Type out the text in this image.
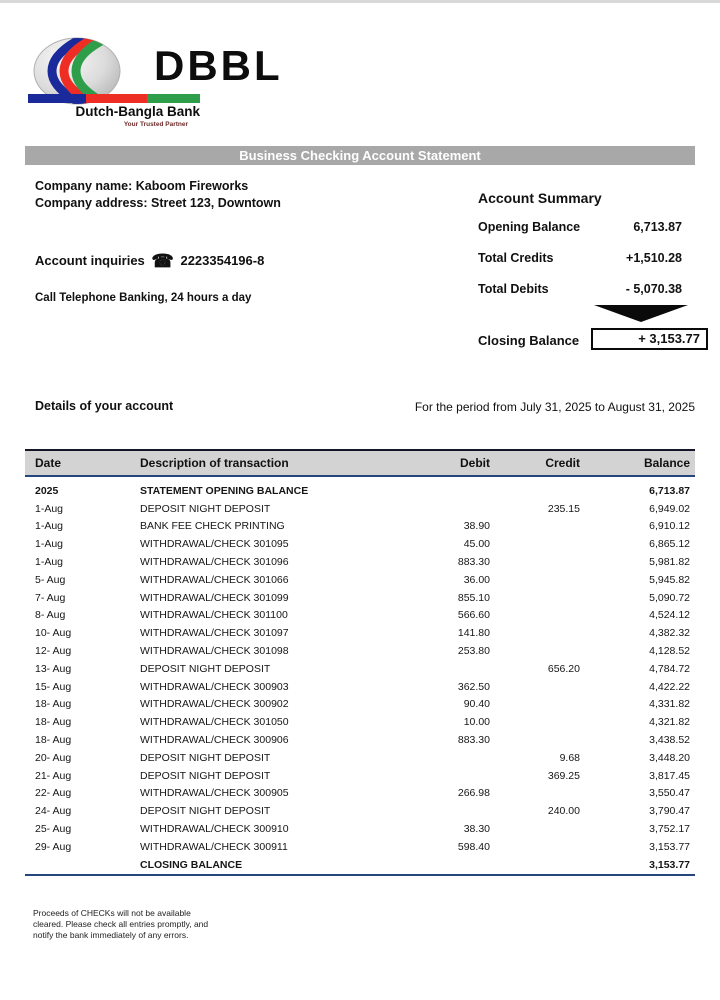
DBBL
Dutch-Bangla Bank
Your Trusted Partner
Business Checking Account Statement
Company name: Kaboom Fireworks
Company address: Street 123, Downtown	Account Summary
Opening Balance	6,713.87
Total Credits	+1,510.28
Total Debits	- 5,070.38
Closing Balance	+ 3,153.77
Account inquiries ☎ 2223354196-8
Call Telephone Banking, 24 hours a day
Details of your account	For the period from July 31, 2025 to August 31, 2025
Date	Description of transaction	Debit	Credit	Balance
2025	STATEMENT OPENING BALANCE			6,713.87
1-Aug	DEPOSIT NIGHT DEPOSIT		235.15	6,949.02
1-Aug	BANK FEE CHECK PRINTING	38.90		6,910.12
1-Aug	WITHDRAWAL/CHECK 301095	45.00		6,865.12
1-Aug	WITHDRAWAL/CHECK 301096	883.30		5,981.82
5- Aug	WITHDRAWAL/CHECK 301066	36.00		5,945.82
7- Aug	WITHDRAWAL/CHECK 301099	855.10		5,090.72
8- Aug	WITHDRAWAL/CHECK 301100	566.60		4,524.12
10- Aug	WITHDRAWAL/CHECK 301097	141.80		4,382.32
12- Aug	WITHDRAWAL/CHECK 301098	253.80		4,128.52
13- Aug	DEPOSIT NIGHT DEPOSIT		656.20	4,784.72
15- Aug	WITHDRAWAL/CHECK 300903	362.50		4,422.22
18- Aug	WITHDRAWAL/CHECK 300902	90.40		4,331.82
18- Aug	WITHDRAWAL/CHECK 301050	10.00		4,321.82
18- Aug	WITHDRAWAL/CHECK 300906	883.30		3,438.52
20- Aug	DEPOSIT NIGHT DEPOSIT		9.68	3,448.20
21- Aug	DEPOSIT NIGHT DEPOSIT		369.25	3,817.45
22- Aug	WITHDRAWAL/CHECK 300905	266.98		3,550.47
24- Aug	DEPOSIT NIGHT DEPOSIT		240.00	3,790.47
25- Aug	WITHDRAWAL/CHECK 300910	38.30		3,752.17
29- Aug	WITHDRAWAL/CHECK 300911	598.40		3,153.77
	CLOSING BALANCE			3,153.77
Proceeds of CHECKs will not be available
cleared. Please check all entries promptly, and
notify the bank immediately of any errors.
